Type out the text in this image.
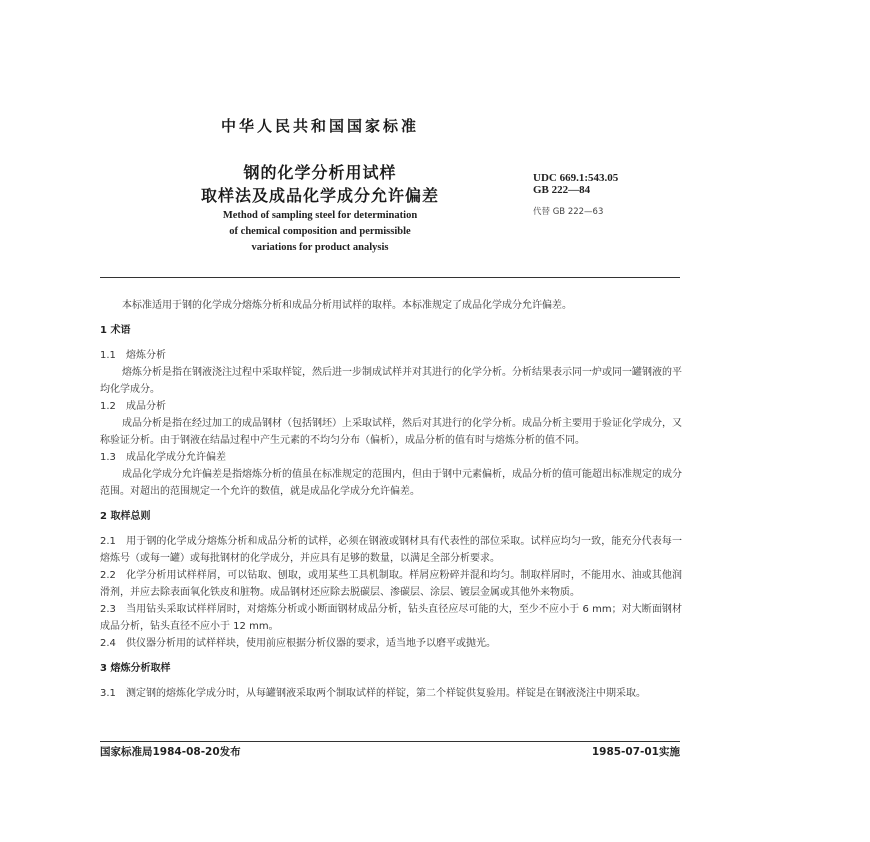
中华人民共和国国家标准
钢的化学分析用试样
取样法及成品化学成分允许偏差
Method of sampling steel for determination
of chemical composition and permissible
variations for product analysis
UDC 669.1:543.05
GB 222—84
代替 GB 222—63

本标准适用于钢的化学成分熔炼分析和成品分析用试样的取样。本标准规定了成品化学成分允许偏差。

1 术语

1.1 熔炼分析

熔炼分析是指在钢液浇注过程中采取样锭，然后进一步制成试样并对其进行的化学分析。分析结果表示同一炉或同一罐钢液的平均化学成分。

1.2 成品分析

成品分析是指在经过加工的成品钢材（包括钢坯）上采取试样，然后对其进行的化学分析。成品分析主要用于验证化学成分，又称验证分析。由于钢液在结晶过程中产生元素的不均匀分布（偏析），成品分析的值有时与熔炼分析的值不同。

1.3 成品化学成分允许偏差

成品化学成分允许偏差是指熔炼分析的值虽在标准规定的范围内，但由于钢中元素偏析，成品分析的值可能超出标准规定的成分范围。对超出的范围规定一个允许的数值，就是成品化学成分允许偏差。

2 取样总则

2.1 用于钢的化学成分熔炼分析和成品分析的试样，必须在钢液或钢材具有代表性的部位采取。试样应均匀一致，能充分代表每一熔炼号（或每一罐）或每批钢材的化学成分，并应具有足够的数量，以满足全部分析要求。

2.2 化学分析用试样样屑，可以钻取、刨取，或用某些工具机制取。样屑应粉碎并混和均匀。制取样屑时，不能用水、油或其他润滑剂，并应去除表面氧化铁皮和脏物。成品钢材还应除去脱碳层、渗碳层、涂层、镀层金属或其他外来物质。

2.3 当用钻头采取试样样屑时，对熔炼分析或小断面钢材成品分析，钻头直径应尽可能的大，至少不应小于 6 mm；对大断面钢材成品分析，钻头直径不应小于 12 mm。

2.4 供仪器分析用的试样样块，使用前应根据分析仪器的要求，适当地予以磨平或抛光。

3 熔炼分析取样

3.1 测定钢的熔炼化学成分时，从每罐钢液采取两个制取试样的样锭，第二个样锭供复验用。样锭是在钢液浇注中期采取。

国家标准局1984-08-20发布	1985-07-01实施
